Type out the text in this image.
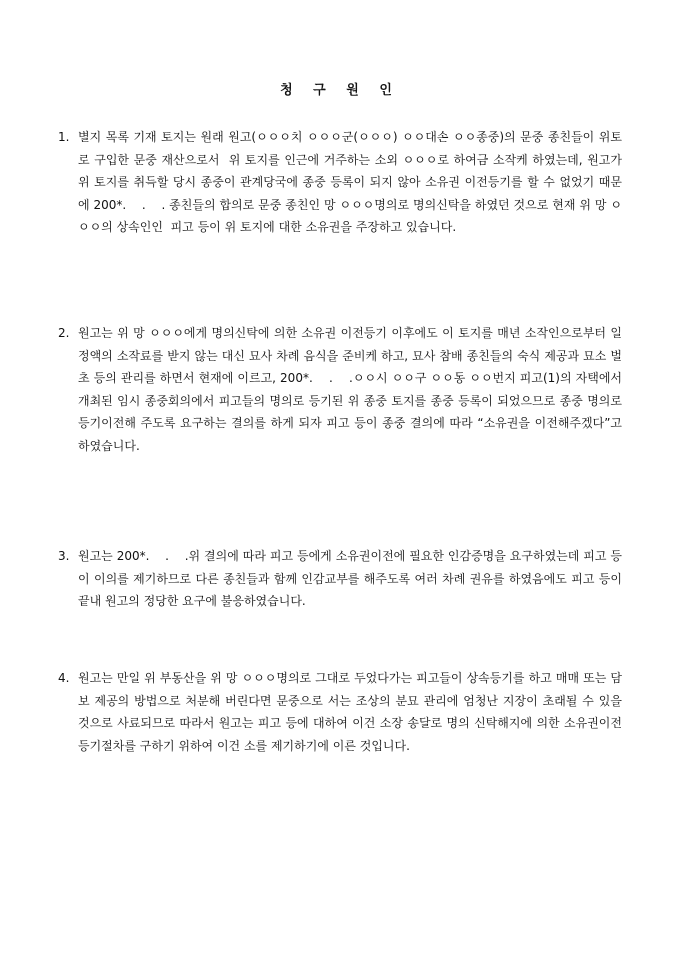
청 구 원 인
1. 별지 목록 기재 토지는 원래 원고(ㅇㅇㅇ치 ㅇㅇㅇ군(ㅇㅇㅇ) ㅇㅇ대손 ㅇㅇ종중)의 문중 종친들이 위토로 구입한 문중 재산으로서  위 토지를 인근에 거주하는 소외 ㅇㅇㅇ로 하여금 소작케 하였는데, 원고가 위 토지를 취득할 당시 종중이 관계당국에 종중 등록이 되지 않아 소유권 이전등기를 할 수 없었기 때문에 200*.    .    . 종친들의 합의로 문중 종친인 망 ㅇㅇㅇ명의로 명의신탁을 하였던 것으로 현재 위 망 ㅇㅇㅇ의 상속인인  피고 등이 위 토지에 대한 소유권을 주장하고 있습니다.
2. 원고는 위 망 ㅇㅇㅇ에게 명의신탁에 의한 소유권 이전등기 이후에도 이 토지를 매년 소작인으로부터 일정액의 소작료를 받지 않는 대신 묘사 차례 음식을 준비케 하고, 묘사 참배 종친들의 숙식 제공과 묘소 벌초 등의 관리를 하면서 현재에 이르고, 200*.    .    .ㅇㅇ시 ㅇㅇ구 ㅇㅇ동 ㅇㅇ번지 피고(1)의 자택에서 개최된 임시 종중회의에서 피고들의 명의로 등기된 위 종중 토지를 종중 등록이 되었으므로 종중 명의로 등기이전해 주도록 요구하는 결의를 하게 되자 피고 등이 종중 결의에 따라 “소유권을 이전해주겠다”고 하였습니다.
3. 원고는 200*.    .    .위 결의에 따라 피고 등에게 소유권이전에 필요한 인감증명을 요구하였는데 피고 등이 이의를 제기하므로 다른 종친들과 함께 인감교부를 해주도록 여러 차례 권유를 하였음에도 피고 등이 끝내 원고의 정당한 요구에 불응하였습니다.
4. 원고는 만일 위 부동산을 위 망 ㅇㅇㅇ명의로 그대로 두었다가는 피고들이 상속등기를 하고 매매 또는 담보 제공의 방법으로 처분해 버린다면 문중으로 서는 조상의 분묘 관리에 엄청난 지장이 초래될 수 있을 것으로 사료되므로 따라서 원고는 피고 등에 대하여 이건 소장 송달로 명의 신탁해지에 의한 소유권이전 등기절차를 구하기 위하여 이건 소를 제기하기에 이른 것입니다.
